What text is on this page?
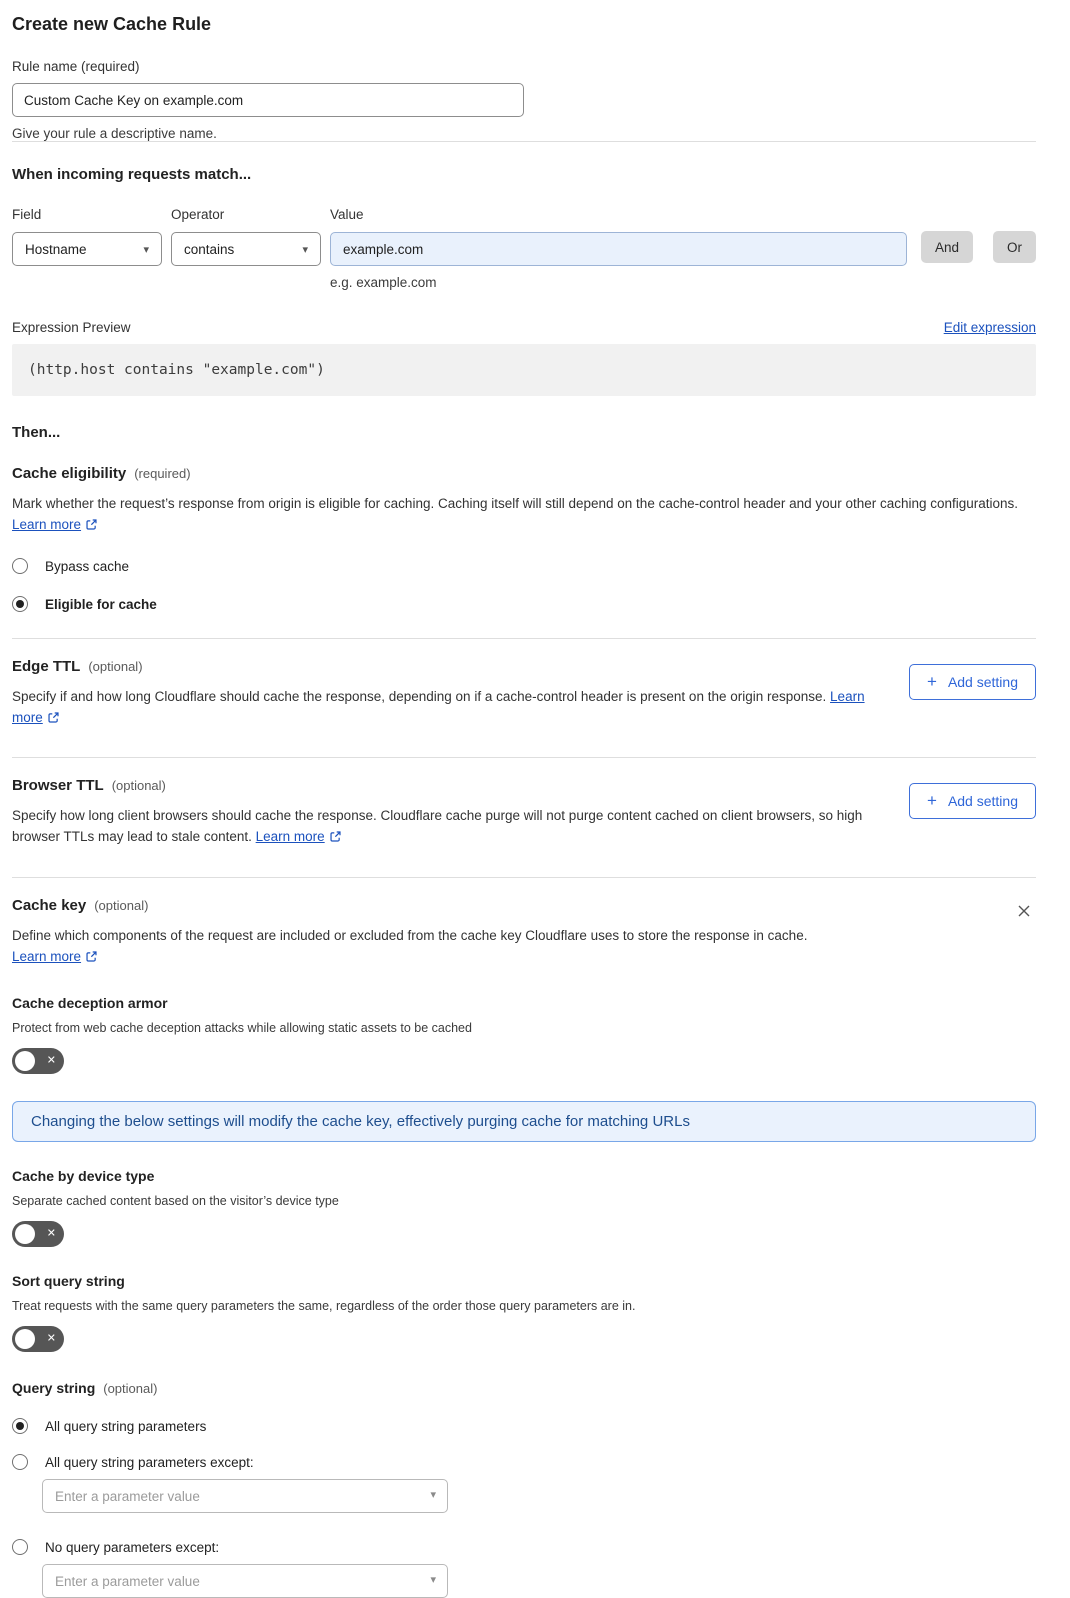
Create new Cache Rule
Rule name (required)
Custom Cache Key on example.com
Give your rule a descriptive name.
When incoming requests match...
Field
Hostname	▾
Operator
contains	▾
Value
example.com
e.g. example.com
And	Or
Expression Preview	Edit expression
(http.host contains "example.com")
Then...
Cache eligibility (required)
Mark whether the request’s response from origin is eligible for caching. Caching itself will still depend on the cache-control header and your other caching configurations. Learn more
Bypass cache
Eligible for cache
Edge TTL (optional)
Specify if and how long Cloudflare should cache the response, depending on if a cache-control header is present on the origin response. Learn more
+ Add setting
Browser TTL (optional)
Specify how long client browsers should cache the response. Cloudflare cache purge will not purge content cached on client browsers, so high browser TTLs may lead to stale content. Learn more
+ Add setting
Cache key (optional)
Define which components of the request are included or excluded from the cache key Cloudflare uses to store the response in cache.
Learn more
Cache deception armor
Protect from web cache deception attacks while allowing static assets to be cached
✕
Changing the below settings will modify the cache key, effectively purging cache for matching URLs
Cache by device type
Separate cached content based on the visitor’s device type
✕
Sort query string
Treat requests with the same query parameters the same, regardless of the order those query parameters are in.
✕
Query string (optional)
All query string parameters
All query string parameters except:
Enter a parameter value
▾
No query parameters except:
Enter a parameter value
▾
